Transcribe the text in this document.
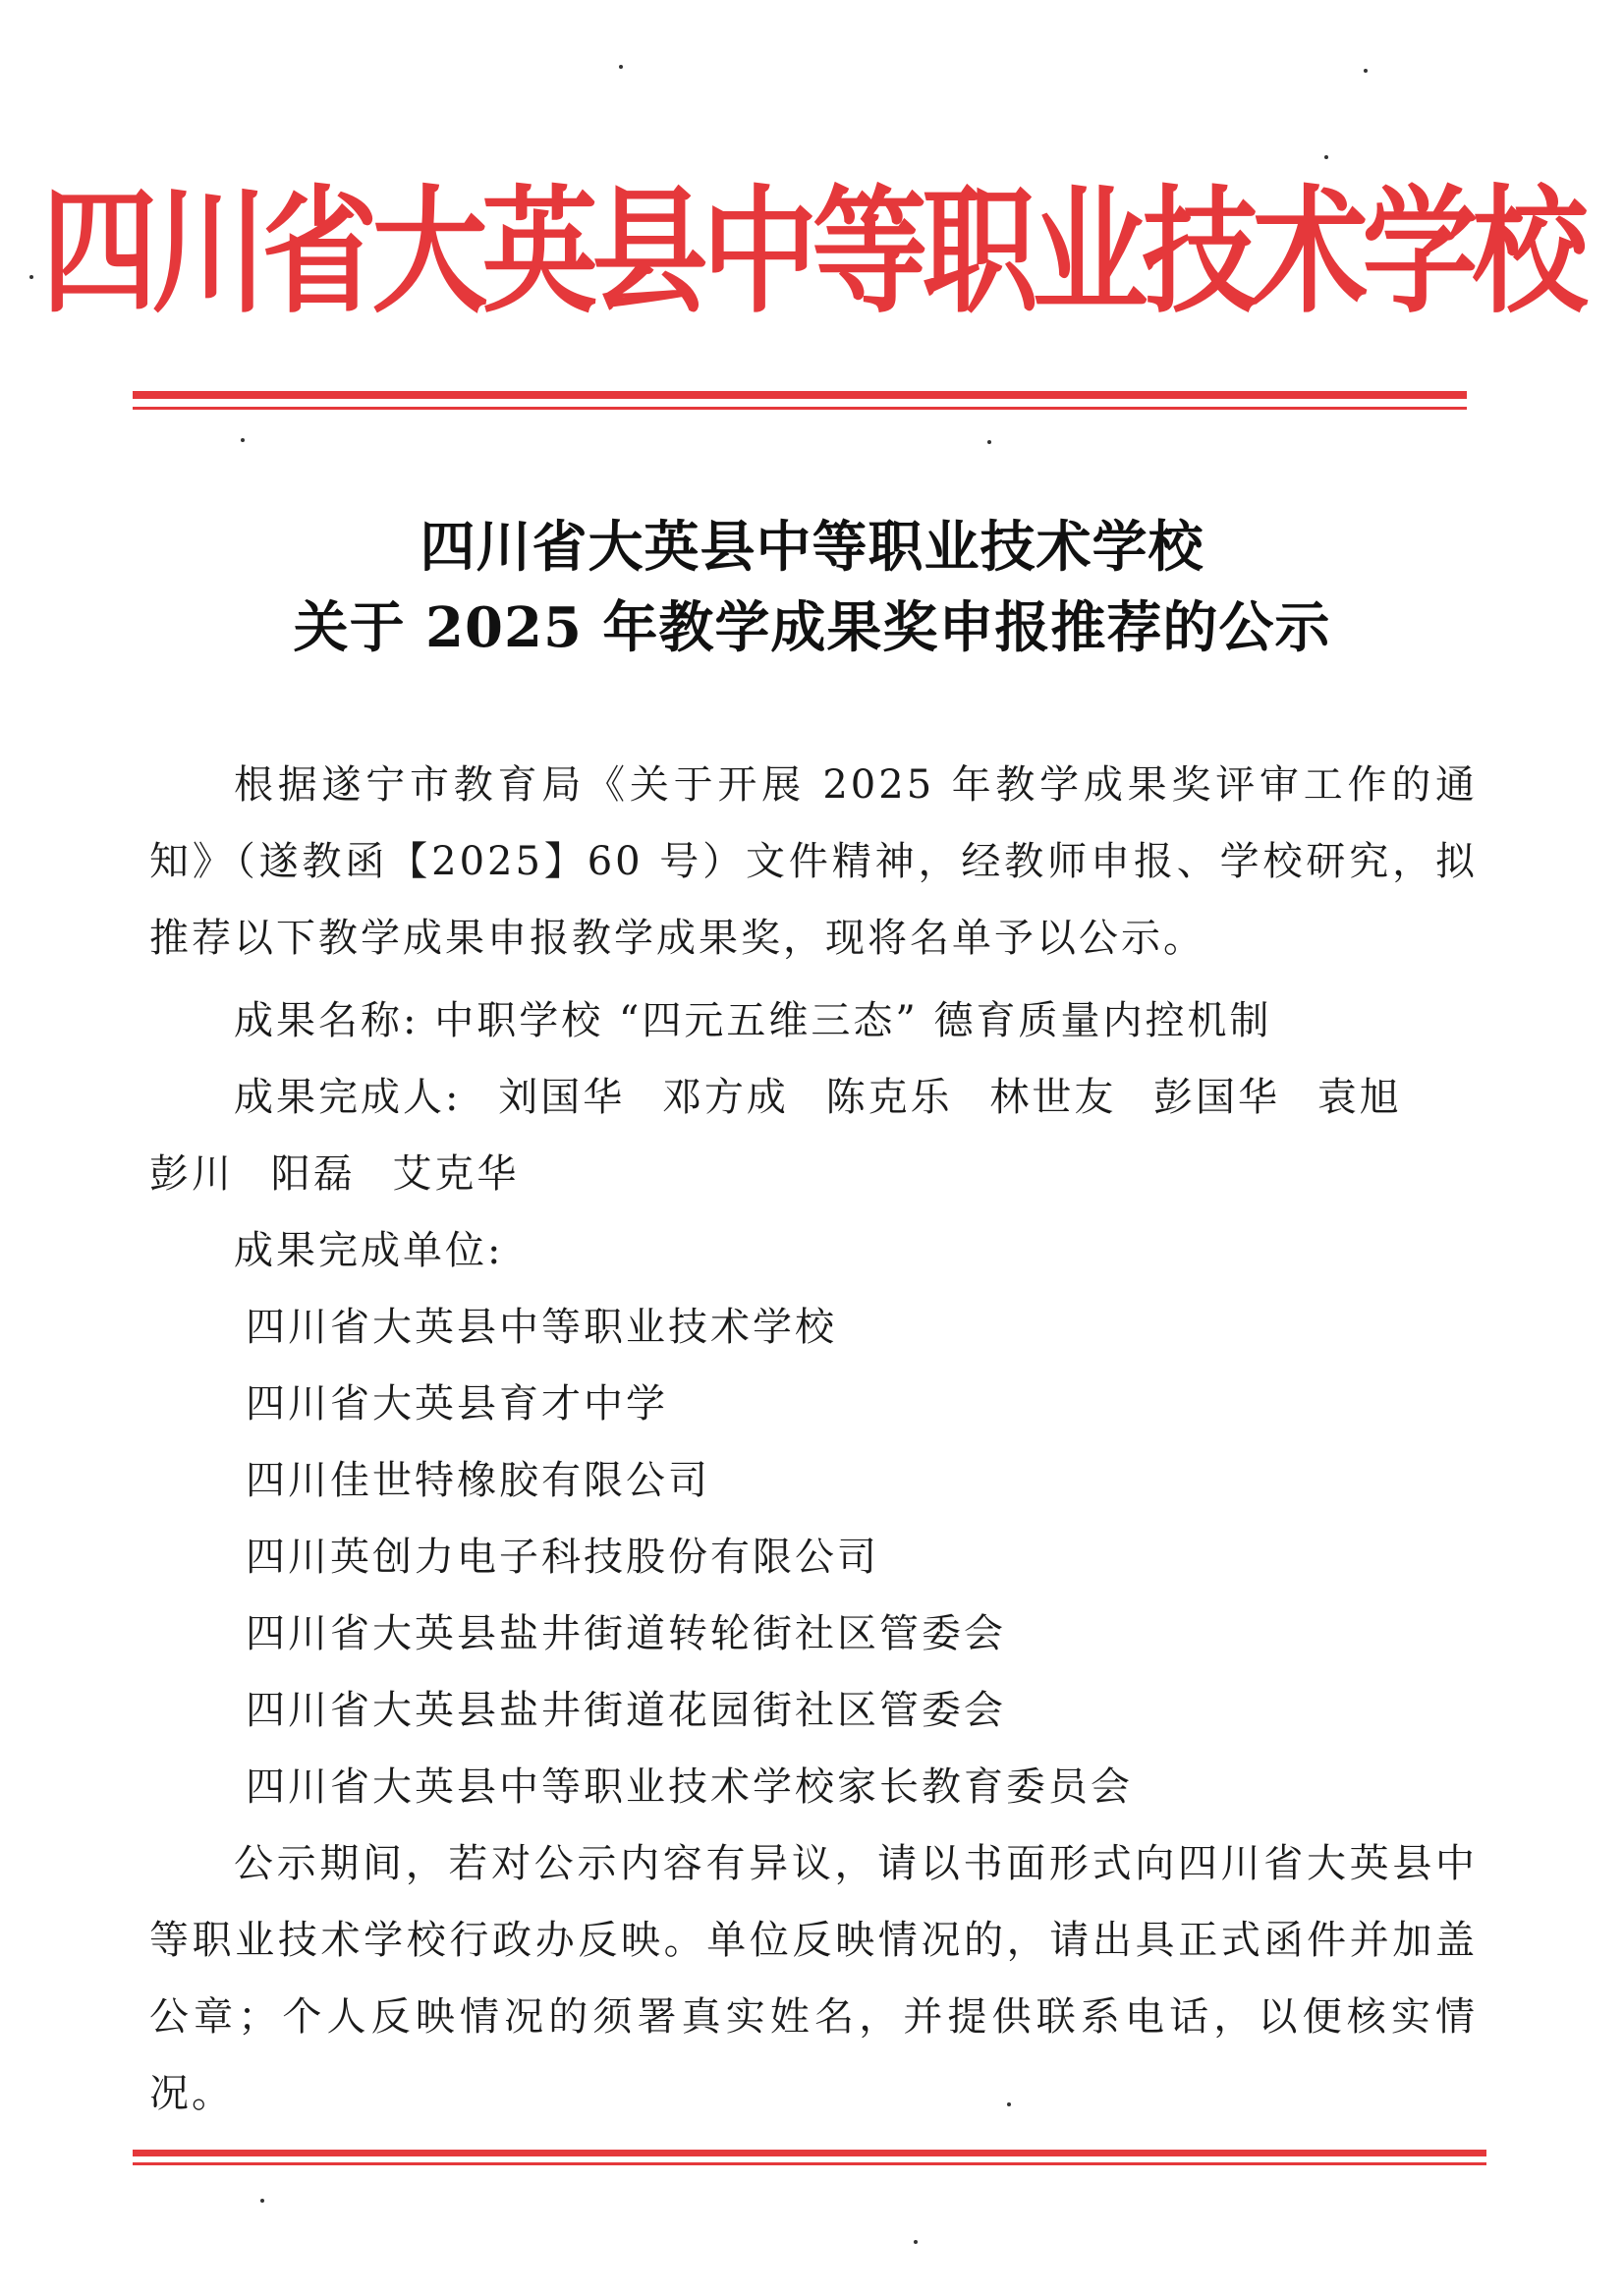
四川省大英县中等职业技术学校
四川省大英县中等职业技术学校
关于 2025 年教学成果奖申报推荐的公示
根据遂宁市教育局《关于开展 2025 年教学成果奖评审工作的通知》（遂教函【2025】60 号）文件精神，经教师申报、学校研究，拟推荐以下教学成果申报教学成果奖，现将名单予以公示。
成果名称: 中职学校 “四元五维三态” 德育质量内控机制
成果完成人: 刘国华 邓方成 陈克乐 林世友 彭国华 袁旭 彭川 阳磊 艾克华
成果完成单位:
四川省大英县中等职业技术学校
四川省大英县育才中学
四川佳世特橡胶有限公司
四川英创力电子科技股份有限公司
四川省大英县盐井街道转轮街社区管委会
四川省大英县盐井街道花园街社区管委会
四川省大英县中等职业技术学校家长教育委员会
公示期间，若对公示内容有异议，请以书面形式向四川省大英县中等职业技术学校行政办反映。单位反映情况的，请出具正式函件并加盖公章；个人反映情况的须署真实姓名，并提供联系电话，以便核实情况。
